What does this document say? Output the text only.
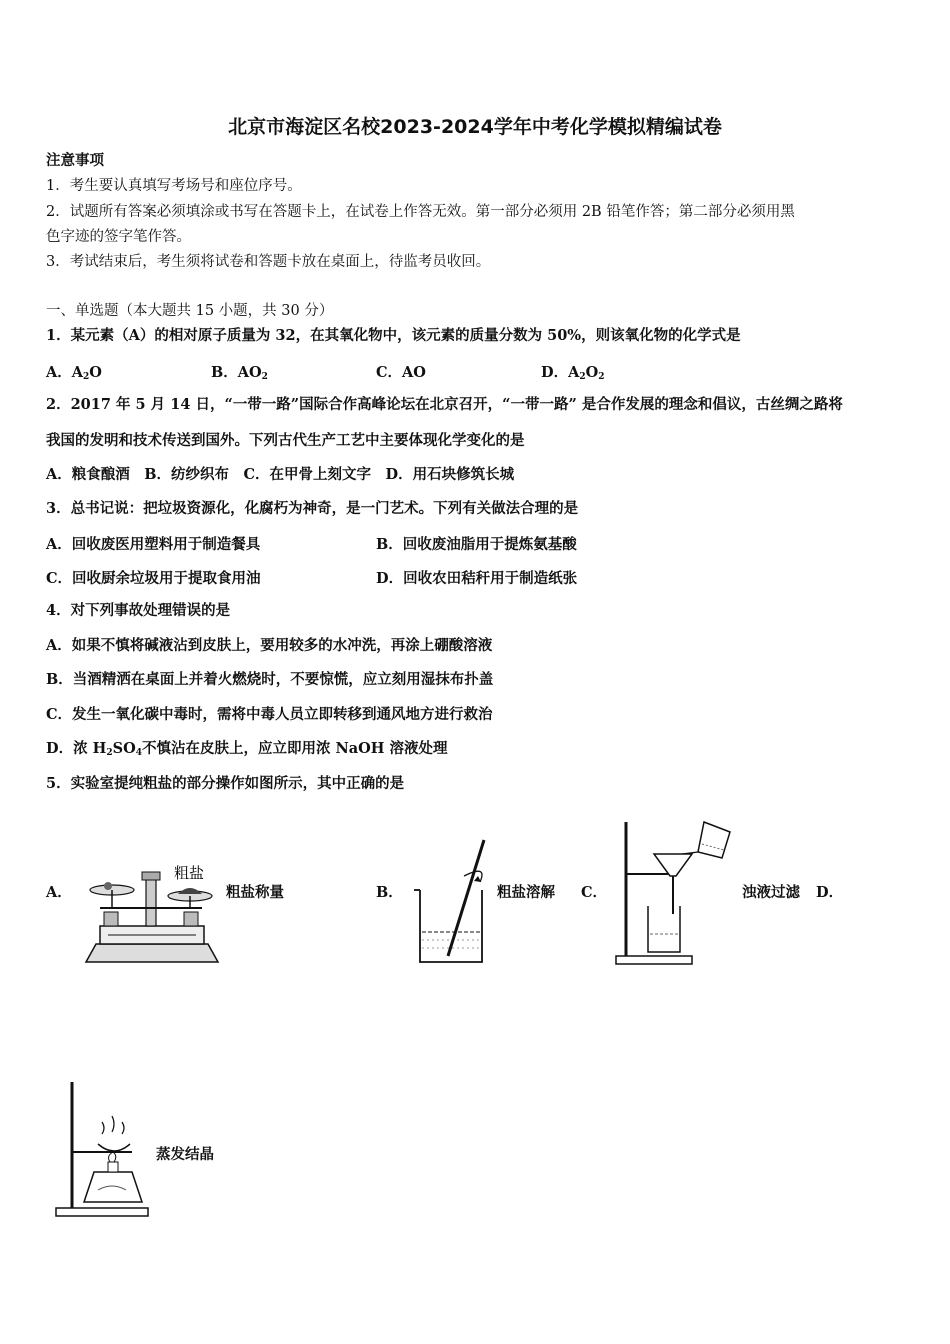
北京市海淀区名校2023-2024学年中考化学模拟精编试卷
注意事项
1．考生要认真填写考场号和座位序号。
2．试题所有答案必须填涂或书写在答题卡上，在试卷上作答无效。第一部分必须用 2B 铅笔作答；第二部分必须用黑
色字迹的签字笔作答。
3．考试结束后，考生须将试卷和答题卡放在桌面上，待监考员收回。
一、单选题（本大题共 15 小题，共 30 分）
1．某元素（A）的相对原子质量为 32，在其氧化物中，该元素的质量分数为 50%，则该氧化物的化学式是
A．$A_2O$	B．$AO_2$	C．AO	D．$A_2O_2$
2．2017 年 5 月 14 日，“一带一路”国际合作高峰论坛在北京召开，“一带一路” 是合作发展的理念和倡议，古丝绸之路将
我国的发明和技术传送到国外。下列古代生产工艺中主要体现化学变化的是
A．粮食酿酒　B．纺纱织布　C．在甲骨上刻文字　D．用石块修筑长城
3．总书记说：把垃圾资源化，化腐朽为神奇，是一门艺术。下列有关做法合理的是
A．回收废医用塑料用于制造餐具	B．回收废油脂用于提炼氨基酸
C．回收厨余垃圾用于提取食用油	D．回收农田秸秆用于制造纸张
4．对下列事故处理错误的是
A．如果不慎将碱液沾到皮肤上，要用较多的水冲洗，再涂上硼酸溶液
B．当酒精洒在桌面上并着火燃烧时，不要惊慌，应立刻用湿抹布扑盖
C．发生一氧化碳中毒时，需将中毒人员立即转移到通风地方进行救治
D．浓 $H_2SO_4$不慎沾在皮肤上，应立即用浓 NaOH 溶液处理
5．实验室提纯粗盐的部分操作如图所示，其中正确的是
A．
粗盐
粗盐称量	B．	粗盐溶解 C．	浊液过滤 D．
蒸发结晶
